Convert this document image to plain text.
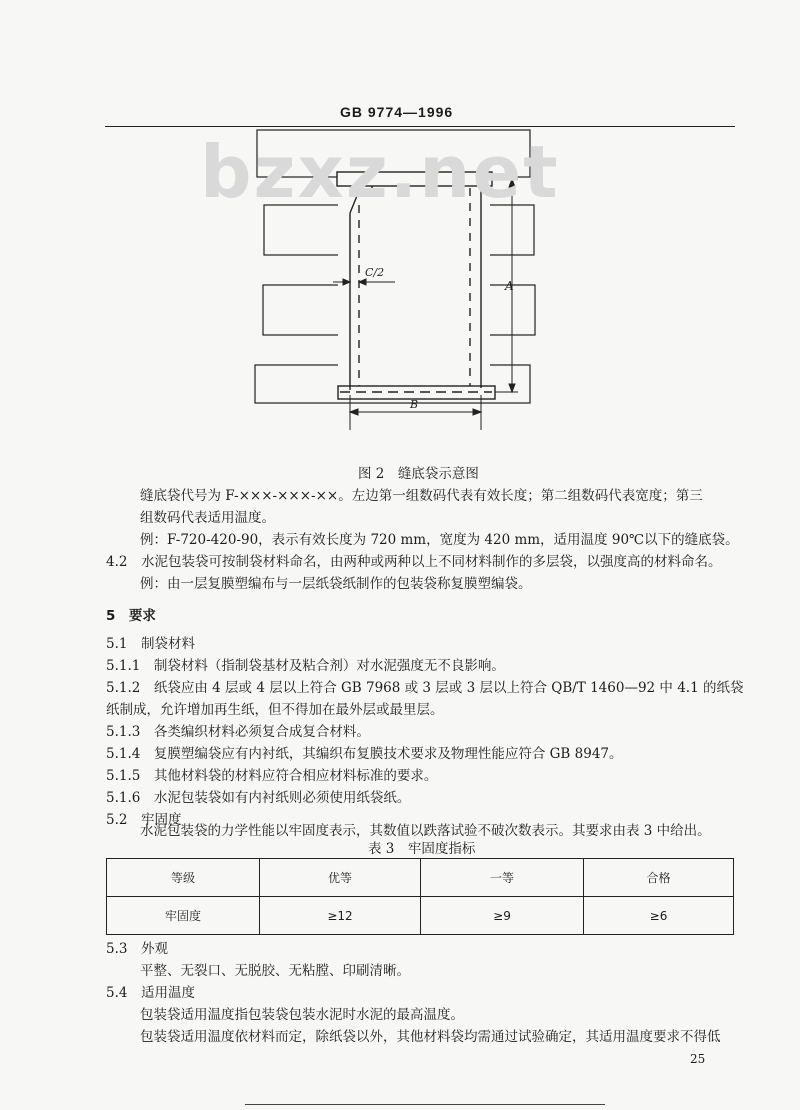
GB 9774—1996
A
C/2
B
bzxz.net
图 2　缝底袋示意图
缝底袋代号为 F-×××-×××-××。左边第一组数码代表有效长度；第二组数码代表宽度；第三
组数码代表适用温度。
例：F-720-420-90，表示有效长度为 720 mm，宽度为 420 mm，适用温度 90℃以下的缝底袋。
4.2　水泥包装袋可按制袋材料命名，由两种或两种以上不同材料制作的多层袋，以强度高的材料命名。
例：由一层复膜塑编布与一层纸袋纸制作的包装袋称复膜塑编袋。
5　要求
5.1　制袋材料
5.1.1　制袋材料（指制袋基材及粘合剂）对水泥强度无不良影响。
5.1.2　纸袋应由 4 层或 4 层以上符合 GB 7968 或 3 层或 3 层以上符合 QB/T 1460—92 中 4.1 的纸袋
纸制成，允许增加再生纸，但不得加在最外层或最里层。
5.1.3　各类编织材料必须复合成复合材料。
5.1.4　复膜塑编袋应有内衬纸，其编织布复膜技术要求及物理性能应符合 GB 8947。
5.1.5　其他材料袋的材料应符合相应材料标准的要求。
5.1.6　水泥包装袋如有内衬纸则必须使用纸袋纸。
5.2　牢固度
水泥包装袋的力学性能以牢固度表示，其数值以跌落试验不破次数表示。其要求由表 3 中给出。
表 3　牢固度指标
等级	优等	一等	合格
牢固度	≥12	≥9	≥6
5.3　外观
平整、无裂口、无脱胶、无粘膛、印刷清晰。
5.4　适用温度
包装袋适用温度指包装袋包装水泥时水泥的最高温度。
包装袋适用温度依材料而定，除纸袋以外，其他材料袋均需通过试验确定，其适用温度要求不得低
25
